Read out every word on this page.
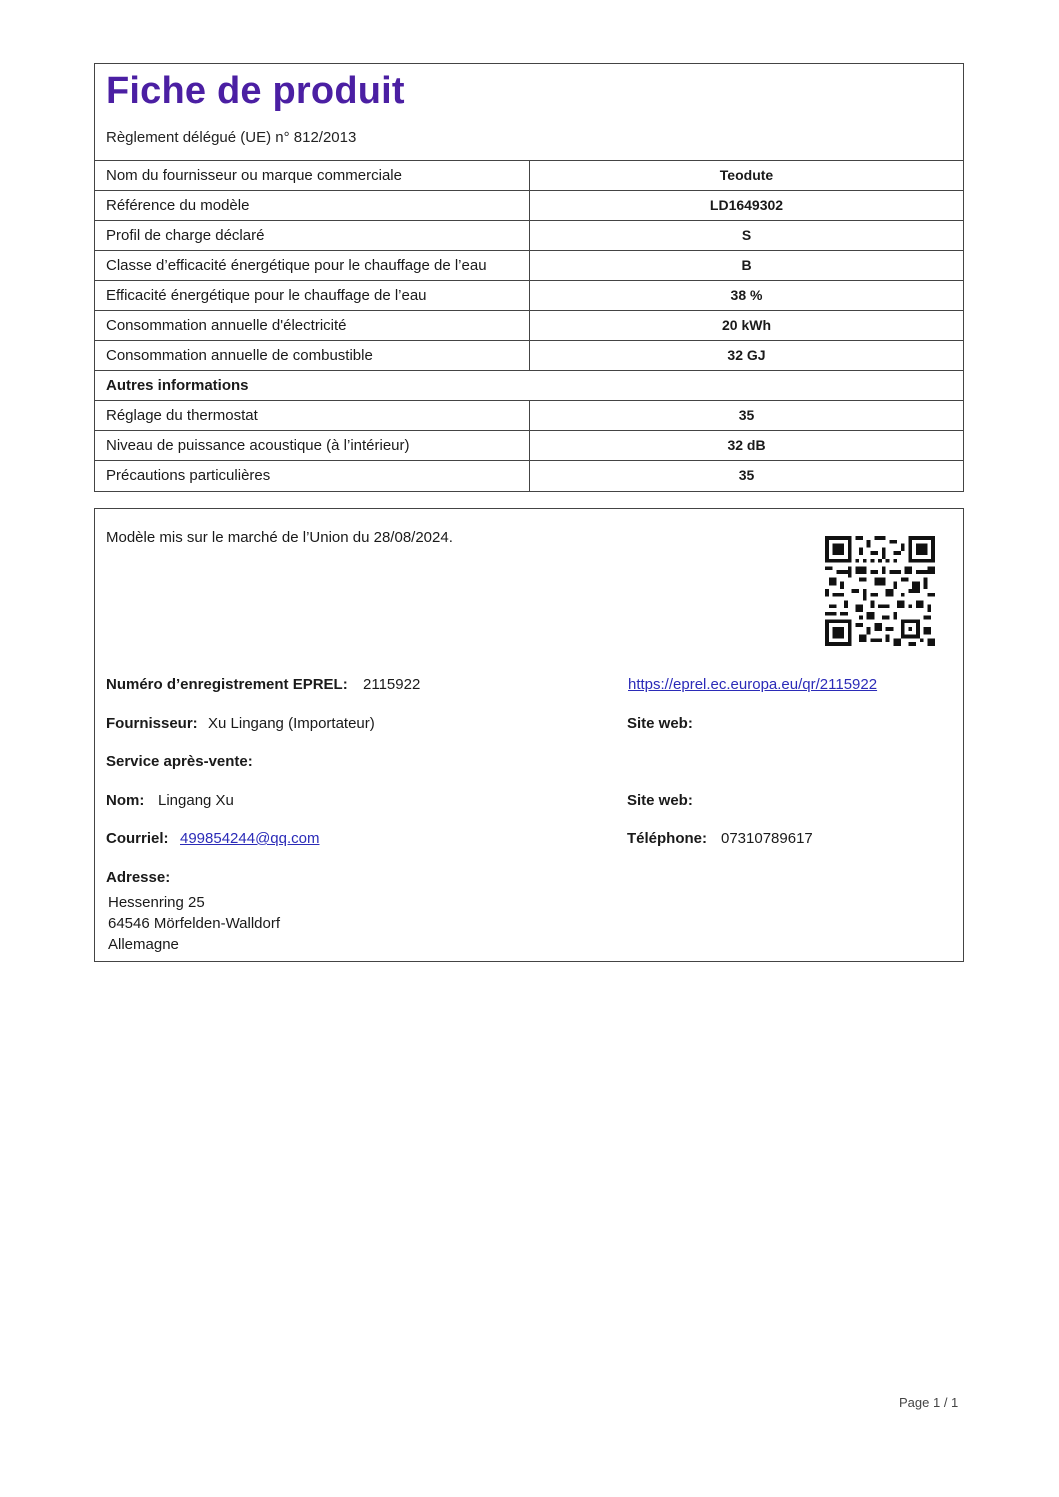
Fiche de produit
Règlement délégué (UE) n° 812/2013
Nom du fournisseur ou marque commerciale	Teodute
Référence du modèle	LD1649302
Profil de charge déclaré	S
Classe d’efficacité énergétique pour le chauffage de l’eau	B
Efficacité énergétique pour le chauffage de l’eau	38 %
Consommation annuelle d'électricité	20 kWh
Consommation annuelle de combustible	32 GJ
Autres informations
Réglage du thermostat	35
Niveau de puissance acoustique (à l’intérieur)	32 dB
Précautions particulières	35
Modèle mis sur le marché de l’Union du 28/08/2024.
Numéro d’enregistrement EPREL: 2115922	https://eprel.ec.europa.eu/qr/2115922
Fournisseur: Xu Lingang (Importateur)	Site web:
Service après-vente:
Nom: Lingang Xu	Site web:
Courriel: 499854244@qq.com	Téléphone: 07310789617
Adresse:
Hessenring 25
64546 Mörfelden-Walldorf
Allemagne
Page 1 / 1
